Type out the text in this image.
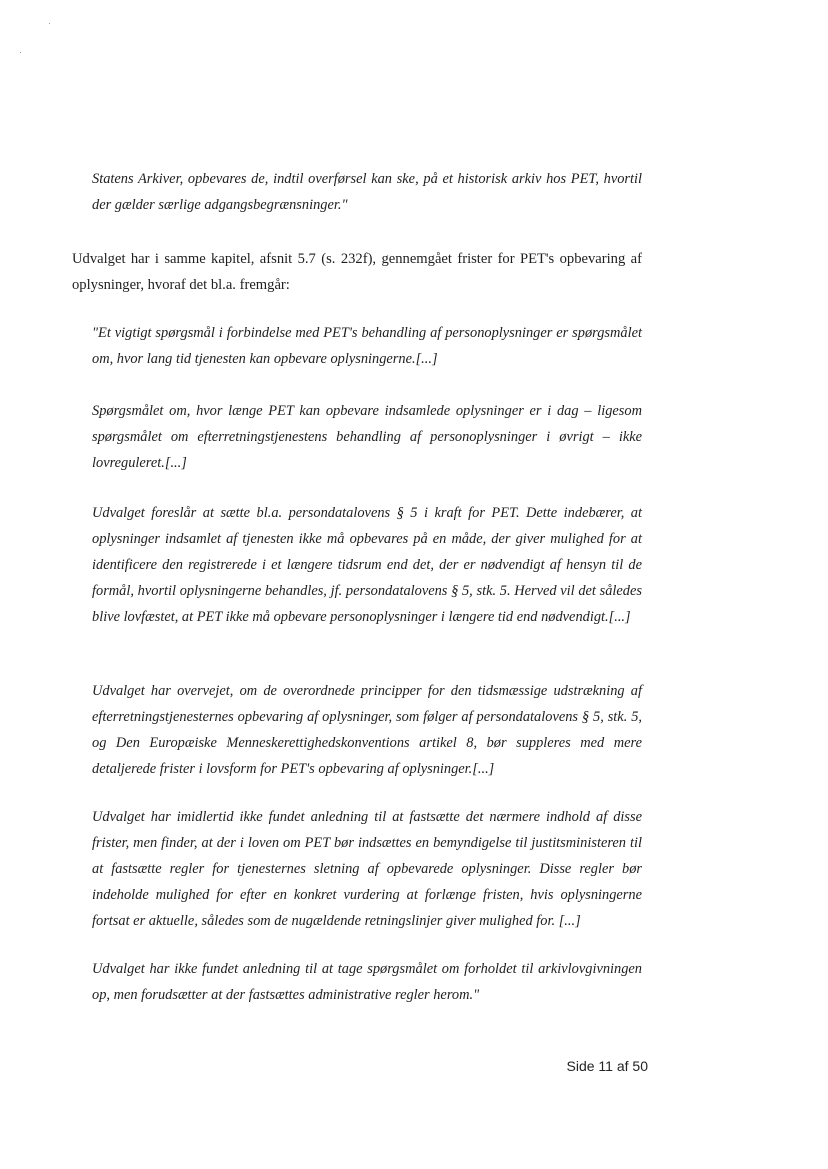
Statens Arkiver, opbevares de, indtil overførsel kan ske, på et historisk arkiv hos PET, hvortil der gælder særlige adgangsbegrænsninger."

Udvalget har i samme kapitel, afsnit 5.7 (s. 232f), gennemgået frister for PET's opbevaring af oplysninger, hvoraf det bl.a. fremgår:

"Et vigtigt spørgsmål i forbindelse med PET's behandling af personoplysninger er spørgsmålet om, hvor lang tid tjenesten kan opbevare oplysningerne.[...]

Spørgsmålet om, hvor længe PET kan opbevare indsamlede oplysninger er i dag – ligesom spørgsmålet om efterretningstjenestens behandling af personoplysninger i øvrigt – ikke lovreguleret.[...]

Udvalget foreslår at sætte bl.a. persondatalovens § 5 i kraft for PET. Dette indebærer, at oplysninger indsamlet af tjenesten ikke må opbevares på en måde, der giver mulighed for at identificere den registrerede i et længere tidsrum end det, der er nødvendigt af hensyn til de formål, hvortil oplysningerne behandles, jf. persondatalovens § 5, stk. 5. Herved vil det således blive lovfæstet, at PET ikke må opbevare personoplysninger i længere tid end nødvendigt.[...]

Udvalget har overvejet, om de overordnede principper for den tidsmæssige udstrækning af efterretningstjenesternes opbevaring af oplysninger, som følger af persondatalovens § 5, stk. 5, og Den Europæiske Menneskerettighedskonventions artikel 8, bør suppleres med mere detaljerede frister i lovsform for PET's opbevaring af oplysninger.[...]

Udvalget har imidlertid ikke fundet anledning til at fastsætte det nærmere indhold af disse frister, men finder, at der i loven om PET bør indsættes en bemyndigelse til justitsministeren til at fastsætte regler for tjenesternes sletning af opbevarede oplysninger. Disse regler bør indeholde mulighed for efter en konkret vurdering at forlænge fristen, hvis oplysningerne fortsat er aktuelle, således som de nugældende retningslinjer giver mulighed for. [...]

Udvalget har ikke fundet anledning til at tage spørgsmålet om forholdet til arkivlovgivningen op, men forudsætter at der fastsættes administrative regler herom."

Side 11 af 50
